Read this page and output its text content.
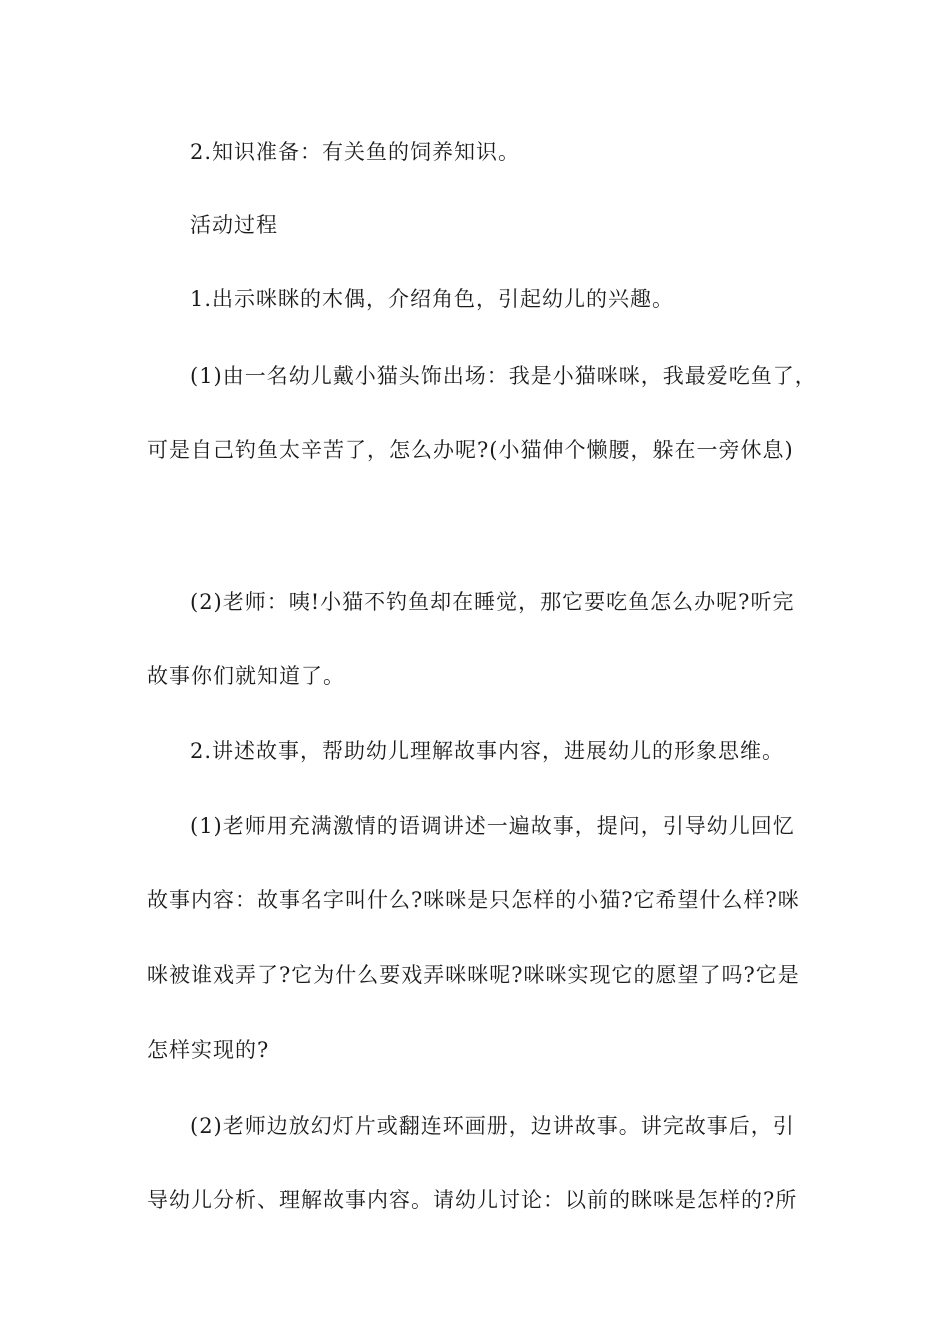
2.知识准备：有关鱼的饲养知识。
活动过程
1.出示咪眯的木偶，介绍角色，引起幼儿的兴趣。
(1)由一名幼儿戴小猫头饰出场：我是小猫咪咪，我最爱吃鱼了，
可是自己钓鱼太辛苦了，怎么办呢?(小猫伸个懒腰，躲在一旁休息)
(2)老师：咦!小猫不钓鱼却在睡觉，那它要吃鱼怎么办呢?听完
故事你们就知道了。
2.讲述故事，帮助幼儿理解故事内容，进展幼儿的形象思维。
(1)老师用充满激情的语调讲述一遍故事，提问，引导幼儿回忆
故事内容：故事名字叫什么?咪咪是只怎样的小猫?它希望什么样?咪
咪被谁戏弄了?它为什么要戏弄咪咪呢?咪咪实现它的愿望了吗?它是
怎样实现的?
(2)老师边放幻灯片或翻连环画册，边讲故事。讲完故事后，引
导幼儿分析、理解故事内容。请幼儿讨论：以前的眯咪是怎样的?所
